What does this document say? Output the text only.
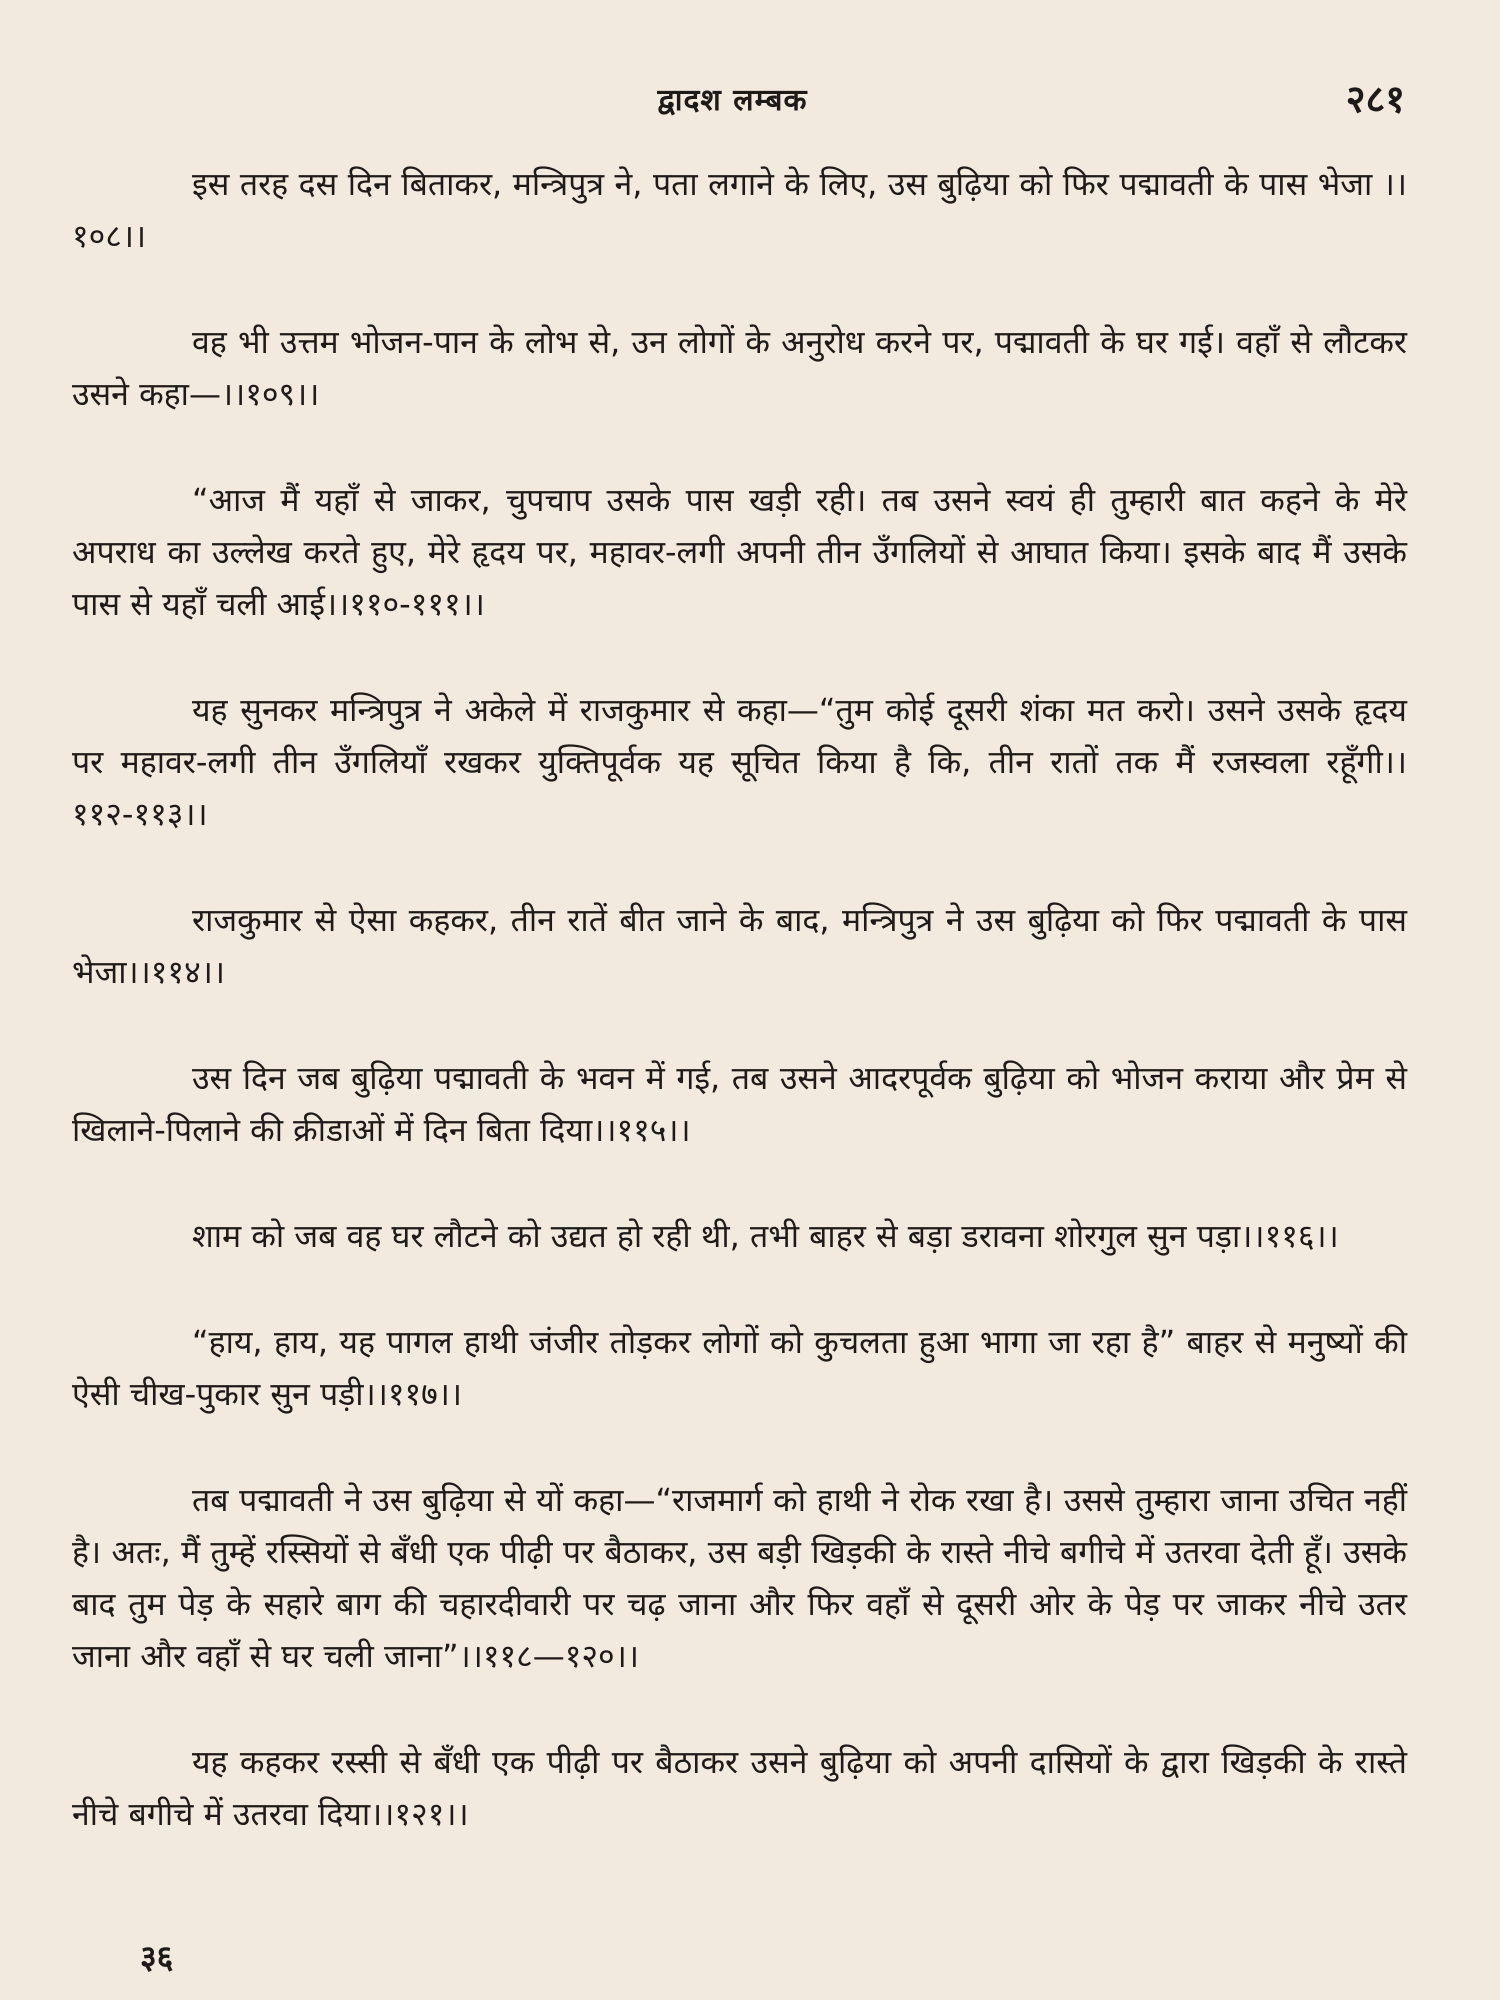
द्वादश लम्बक	२८१

इस तरह दस दिन बिताकर, मन्त्रिपुत्र ने, पता लगाने के लिए, उस बुढ़िया को फिर पद्मावती के पास भेजा ।।१०८।।

वह भी उत्तम भोजन-पान के लोभ से, उन लोगों के अनुरोध करने पर, पद्मावती के घर गई। वहाँ से लौटकर उसने कहा—।।१०९।।

“आज मैं यहाँ से जाकर, चुपचाप उसके पास खड़ी रही। तब उसने स्वयं ही तुम्हारी बात कहने के मेरे अपराध का उल्लेख करते हुए, मेरे हृदय पर, महावर-लगी अपनी तीन उँगलियों से आघात किया। इसके बाद मैं उसके पास से यहाँ चली आई।।११०-१११।।

यह सुनकर मन्त्रिपुत्र ने अकेले में राजकुमार से कहा—“तुम कोई दूसरी शंका मत करो। उसने उसके हृदय पर महावर-लगी तीन उँगलियाँ रखकर युक्तिपूर्वक यह सूचित किया है कि, तीन रातों तक मैं रजस्वला रहूँगी।।११२-११३।।

राजकुमार से ऐसा कहकर, तीन रातें बीत जाने के बाद, मन्त्रिपुत्र ने उस बुढ़िया को फिर पद्मावती के पास भेजा।।११४।।

उस दिन जब बुढ़िया पद्मावती के भवन में गई, तब उसने आदरपूर्वक बुढ़िया को भोजन कराया और प्रेम से खिलाने-पिलाने की क्रीडाओं में दिन बिता दिया।।११५।।

शाम को जब वह घर लौटने को उद्यत हो रही थी, तभी बाहर से बड़ा डरावना शोरगुल सुन पड़ा।।११६।।

“हाय, हाय, यह पागल हाथी जंजीर तोड़कर लोगों को कुचलता हुआ भागा जा रहा है” बाहर से मनुष्यों की ऐसी चीख-पुकार सुन पड़ी।।११७।।

तब पद्मावती ने उस बुढ़िया से यों कहा—“राजमार्ग को हाथी ने रोक रखा है। उससे तुम्हारा जाना उचित नहीं है। अतः, मैं तुम्हें रस्सियों से बँधी एक पीढ़ी पर बैठाकर, उस बड़ी खिड़की के रास्ते नीचे बगीचे में उतरवा देती हूँ। उसके बाद तुम पेड़ के सहारे बाग की चहारदीवारी पर चढ़ जाना और फिर वहाँ से दूसरी ओर के पेड़ पर जाकर नीचे उतर जाना और वहाँ से घर चली जाना”।।११८—१२०।।

यह कहकर रस्सी से बँधी एक पीढ़ी पर बैठाकर उसने बुढ़िया को अपनी दासियों के द्वारा खिड़की के रास्ते नीचे बगीचे में उतरवा दिया।।१२१।।

३६
